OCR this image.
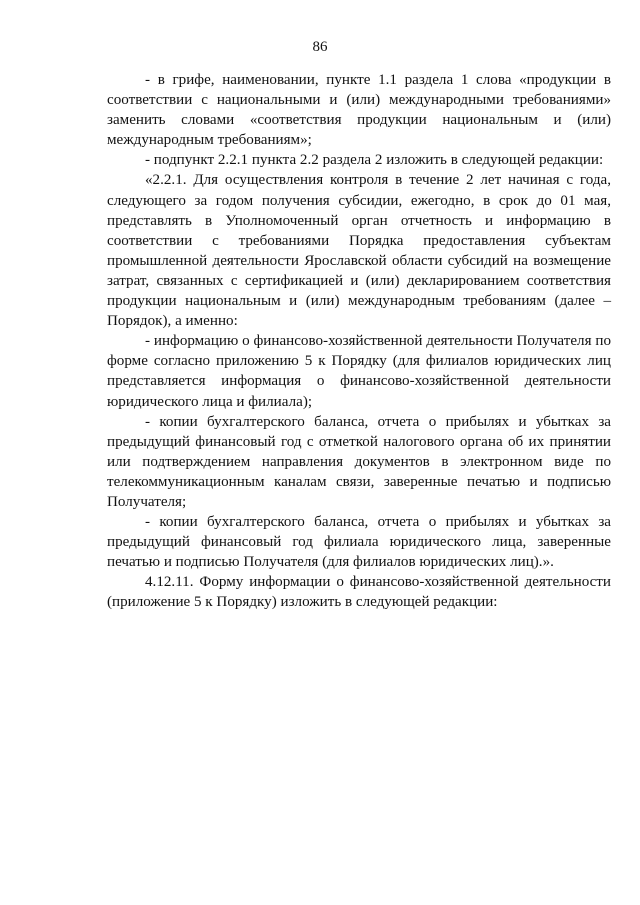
86

- в грифе, наименовании, пункте 1.1 раздела 1 слова «продукции в соответствии с национальными и (или) международными требованиями» заменить словами «соответствия продукции национальным и (или) международным требованиям»;

- подпункт 2.2.1 пункта 2.2 раздела 2 изложить в следующей редакции:

«2.2.1. Для осуществления контроля в течение 2 лет начиная с года, следующего за годом получения субсидии, ежегодно, в срок до 01 мая, представлять в Уполномоченный орган отчетность и информацию в соответствии с требованиями Порядка предоставления субъектам промышленной деятельности Ярославской области субсидий на возмещение затрат, связанных с сертификацией и (или) декларированием соответствия продукции национальным и (или) международным требованиям (далее – Порядок), а именно:

- информацию о финансово-хозяйственной деятельности Получателя по форме согласно приложению 5 к Порядку (для филиалов юридических лиц представляется информация о финансово-хозяйственной деятельности юридического лица и филиала);

- копии бухгалтерского баланса, отчета о прибылях и убытках за предыдущий финансовый год с отметкой налогового органа об их принятии или подтверждением направления документов в электронном виде по телекоммуникационным каналам связи, заверенные печатью и подписью Получателя;

- копии бухгалтерского баланса, отчета о прибылях и убытках за предыдущий финансовый год филиала юридического лица, заверенные печатью и подписью Получателя (для филиалов юридических лиц).».

4.12.11. Форму информации о финансово-хозяйственной деятельности (приложение 5 к Порядку) изложить в следующей редакции:
